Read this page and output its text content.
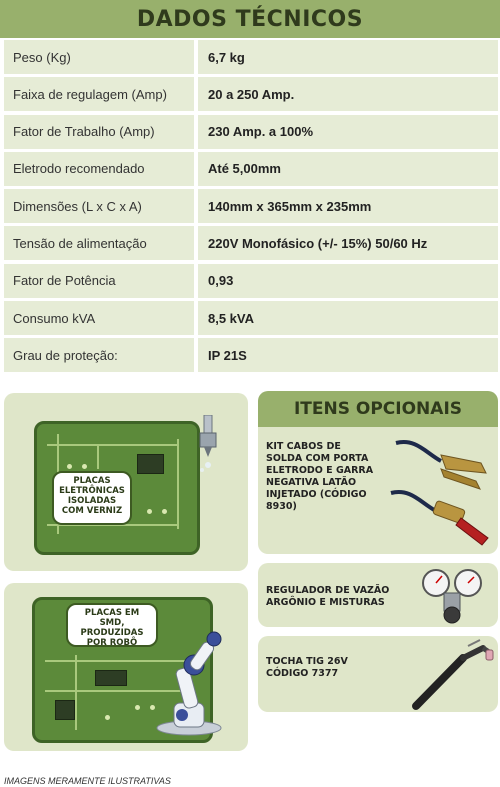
DADOS TÉCNICOS
Peso (Kg)	6,7 kg
Faixa de regulagem (Amp)	20 a 250 Amp.
Fator de Trabalho (Amp)	230 Amp. a 100%
Eletrodo recomendado	Até 5,00mm
Dimensões (L x C x A)	140mm x 365mm x 235mm
Tensão de alimentação	220V Monofásico (+/- 15%) 50/60 Hz
Fator de Potência	0,93
Consumo kVA	8,5 kVA
Grau de proteção:	IP 21S
PLACAS
ELETRÔNICAS
ISOLADAS
COM VERNIZ
PLACAS EM SMD,
PRODUZIDAS
POR ROBÔ
ITENS OPCIONAIS
KIT CABOS DE
SOLDA COM PORTA
ELETRODO E GARRA
NEGATIVA LATÃO
INJETADO (CÓDIGO
8930)
REGULADOR DE VAZÃO
ARGÔNIO E MISTURAS
TOCHA TIG 26V
CÓDIGO 7377
IMAGENS MERAMENTE ILUSTRATIVAS
